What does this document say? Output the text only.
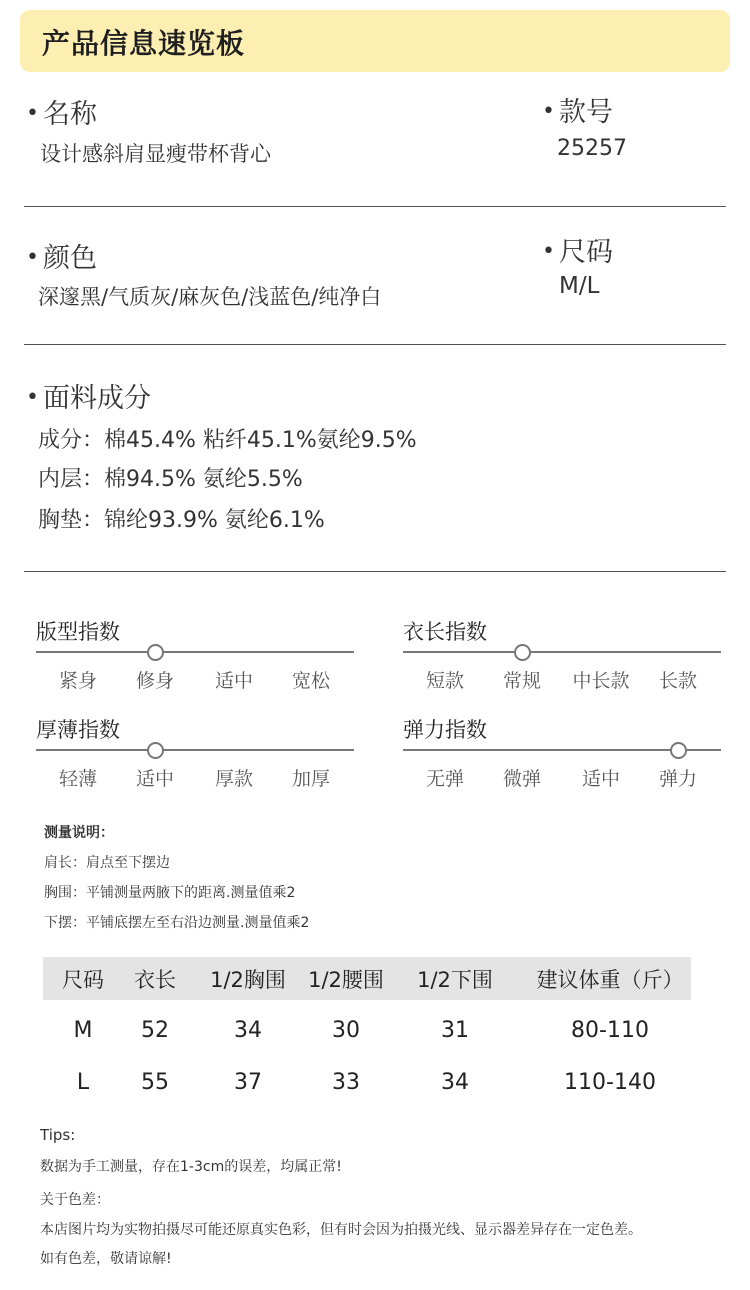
产品信息速览板
• 名称
设计感斜肩显瘦带杯背心
• 款号
25257
• 颜色
深邃黑/气质灰/麻灰色/浅蓝色/纯净白
• 尺码
M/L
• 面料成分
成分：棉45.4% 粘纤45.1%氨纶9.5%
内层：棉94.5% 氨纶5.5%
胸垫：锦纶93.9% 氨纶6.1%
版型指数
紧身	修身	适中	宽松
衣长指数
短款	常规	中长款	长款
厚薄指数
轻薄	适中	厚款	加厚
弹力指数
无弹	微弹	适中	弹力
测量说明：
肩长：肩点至下摆边
胸围：平铺测量两腋下的距离.测量值乘2
下摆：平铺底摆左至右沿边测量.测量值乘2
尺码	衣长	1/2胸围	1/2腰围	1/2下围	建议体重（斤）
M	52	34	30	31	80-110
L	55	37	33	34	110-140
Tips:
数据为手工测量，存在1-3cm的误差，均属正常!
关于色差：
本店图片均为实物拍摄尽可能还原真实色彩，但有时会因为拍摄光线、显示器差异存在一定色差。
如有色差，敬请谅解!
